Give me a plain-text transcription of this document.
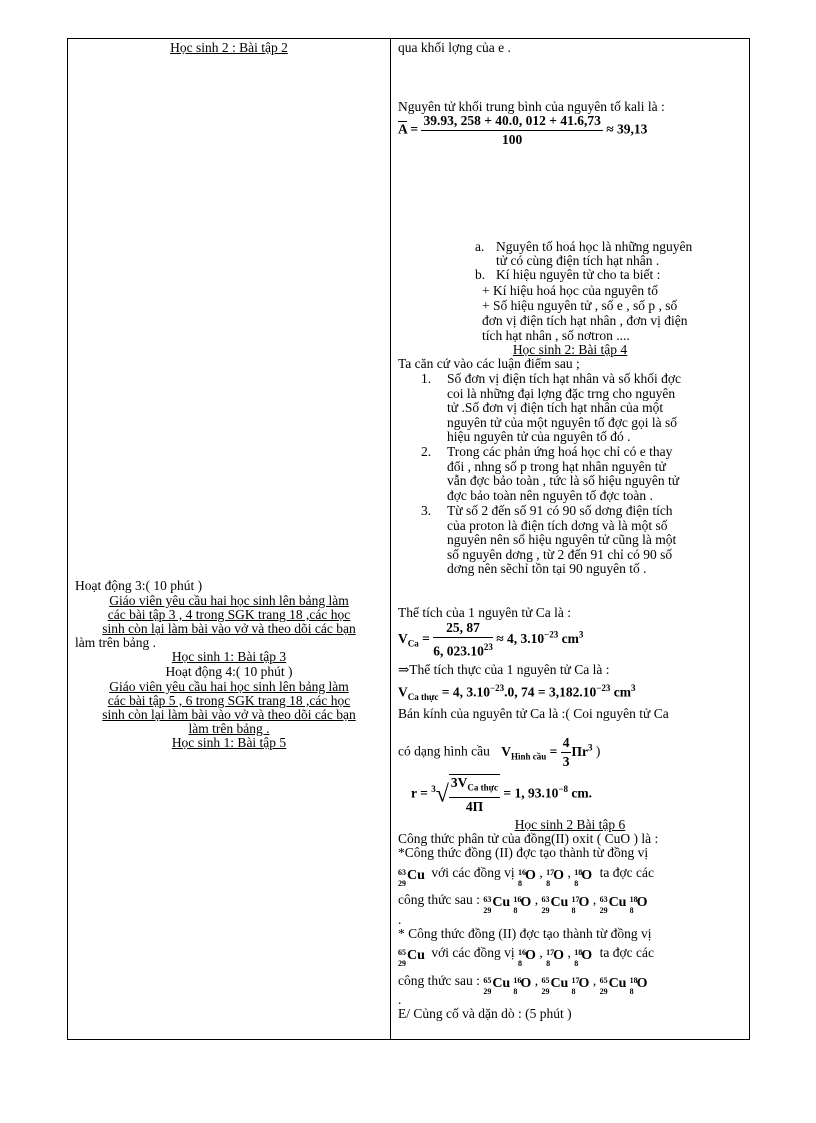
Học sinh 2 : Bài tập 2
Hoạt động 3:( 10 phút )
Giáo viên yêu cầu hai học sinh lên bảng làm
các bài tập 3 , 4 trong SGK trang 18 ,các học
sinh còn lại làm bài vào vở và theo dõi các bạn
làm trên bảng .
Học sinh 1: Bài tập 3
Hoạt động 4:( 10 phút )
Giáo viên yêu cầu hai học sinh lên bảng làm
các bài tập 5 , 6 trong SGK trang 18 ,các học
sinh còn lại làm bài vào vở và theo dõi các bạn
làm trên bảng .
Học sinh 1: Bài tập 5
qua khối lợng của e .
Nguyên tử khối trung bình của nguyên tố kali là :
$\overline{A} = \frac{39.93, 258 + 40.0, 012 + 41.6,73}{100} \approx 39,13$
a. Nguyên tố hoá học là những nguyên
tử có cùng điện tích hạt nhân .
b. Kí hiệu nguyên tử cho ta biết :
+ Kí hiệu hoá học của nguyên tố
+ Số hiệu nguyên tử , số e , số p , số
đơn vị điện tích hạt nhân , đơn vị điện
tích hạt nhân , số nơtron ....
Học sinh 2: Bài tập 4
Ta căn cứ vào các luận điểm sau ;
1. Số đơn vị điện tích hạt nhân và số khối đợc
coi là những đại lợng đặc trng cho nguyên
tử .Số đơn vị điện tích hạt nhân của một
nguyên tử của một nguyên tố đợc gọi là số
hiệu nguyên tử của nguyên tố đó .
2. Trong các phản ứng hoá học chỉ có e thay
đổi , nhng số p trong hạt nhân nguyên tử
vẫn đợc bảo toàn , tức là số hiệu nguyên tử
đợc bảo toàn nên nguyên tố đợc toàn .
3. Từ số 2 đến số 91 có 90 số dơng điện tích
của proton là điện tích dơng và là một số
nguyên nên số hiệu nguyên tử cũng là một
số nguyên dơng , từ 2 đến 91 chỉ có 90 số
dơng nên sẽchỉ tồn tại 90 nguyên tố .
Thể tích của 1 nguyên tử Ca là :
$V_{Ca} = \frac{25, 87}{6, 023.10^{23}} \approx 4$, $3.10^{-23}$ $cm^3$
⇒Thể tích thực của 1 nguyên tử Ca là :
$V_{Ca thực} = 4$, $3.10^{-23}.0$, $74 = 3,182.10^{-23}$ $cm^3$
Bán kính của nguyên tử Ca là :( Coi nguyên tử Ca
có dạng hình cầu $V_{Hình cầu} = \frac{4}{3} \Pi r^3$ )
$r = ^3√ \frac{3V_{Ca thực}}{4\Pi} = 1$, $93.10^{-8}$ cm.
Học sinh 2 Bài tập 6
Công thức phân tử của đồng(II) oxit ( CuO ) là :
*Công thức đồng (II) đợc tạo thành từ đồng vị
63
29
Cu với các đồng vị 16
8
O , 17
8
O , 18
8
O ta đợc các
công thức sau : 63
29
Cu 16
8
O , 63
29
Cu 17
8
O , 63
29
Cu 18
8
O
.
* Công thức đồng (II) đợc tạo thành từ đồng vị
65
29
Cu với các đồng vị 16
8
O , 17
8
O , 18
8
O ta đợc các
công thức sau : 65
29
Cu 16
8
O , 65
29
Cu 17
8
O , 65
29
Cu 18
8
O
.
E/ Củng cố và dặn dò : (5 phút )
